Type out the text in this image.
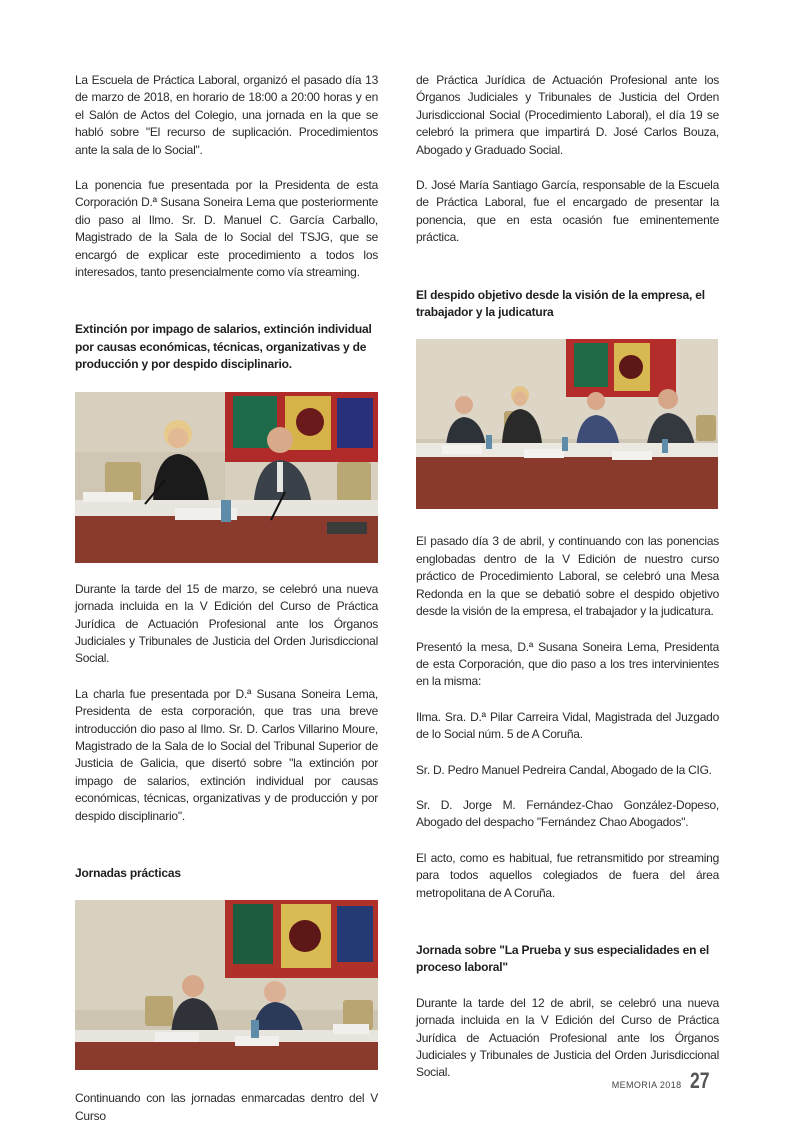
La Escuela de Práctica Laboral, organizó el pasado día 13 de marzo de 2018, en horario de 18:00 a 20:00 horas y en el Salón de Actos del Colegio, una jornada en la que se habló sobre "El recurso de suplicación. Procedimientos ante la sala de lo Social".

La ponencia fue presentada por la Presidenta de esta Corporación D.ª Susana Soneira Lema que posteriormente dio paso al Ilmo. Sr. D. Manuel C. García Carballo, Magistrado de la Sala de lo Social del TSJG, que se encargó de explicar este procedimiento a todos los interesados, tanto presencialmente como vía streaming.

Extinción por impago de salarios, extinción individual por causas económicas, técnicas, organizativas y de producción y por despido disciplinario.

Durante la tarde del 15 de marzo, se celebró una nueva jornada incluida en la V Edición del Curso de Práctica Jurídica de Actuación Profesional ante los Órganos Judiciales y Tribunales de Justicia del Orden Jurisdiccional Social.

La charla fue presentada por D.ª Susana Soneira Lema, Presidenta de esta corporación, que tras una breve introducción dio paso al Ilmo. Sr. D. Carlos Villarino Moure, Magistrado de la Sala de lo Social del Tribunal Superior de Justicia de Galicia, que disertó sobre "la extinción por impago de salarios, extinción individual por causas económicas, técnicas, organizativas y de producción y por despido disciplinario".

Jornadas prácticas

Continuando con las jornadas enmarcadas dentro del V Curso

de Práctica Jurídica de Actuación Profesional ante los Órganos Judiciales y Tribunales de Justicia del Orden Jurisdiccional Social (Procedimiento Laboral), el día 19 se celebró la primera que impartirá D. José Carlos Bouza, Abogado y Graduado Social.

D. José María Santiago García, responsable de la Escuela de Práctica Laboral, fue el encargado de presentar la ponencia, que en esta ocasión fue eminentemente práctica.

El despido objetivo desde la visión de la empresa, el trabajador y la judicatura

El pasado día 3 de abril, y continuando con las ponencias englobadas dentro de la V Edición de nuestro curso práctico de Procedimiento Laboral, se celebró una Mesa Redonda en la que se debatió sobre el despido objetivo desde la visión de la empresa, el trabajador y la judicatura.

Presentó la mesa, D.ª Susana Soneira Lema, Presidenta de esta Corporación, que dio paso a los tres intervinientes en la misma:

Ilma. Sra. D.ª Pilar Carreira Vidal, Magistrada del Juzgado de lo Social núm. 5 de A Coruña.

Sr. D. Pedro Manuel Pedreira Candal, Abogado de la CIG.

Sr. D. Jorge M. Fernández-Chao González-Dopeso, Abogado del despacho "Fernández Chao Abogados".

El acto, como es habitual, fue retransmitido por streaming para todos aquellos colegiados de fuera del área metropolitana de A Coruña.

Jornada sobre "La Prueba y sus especialidades en el proceso laboral"

Durante la tarde del 12 de abril, se celebró una nueva jornada incluida en la V Edición del Curso de Práctica Jurídica de Actuación Profesional ante los Órganos Judiciales y Tribunales de Justicia del Orden Jurisdiccional Social.

MEMORIA 2018 27
